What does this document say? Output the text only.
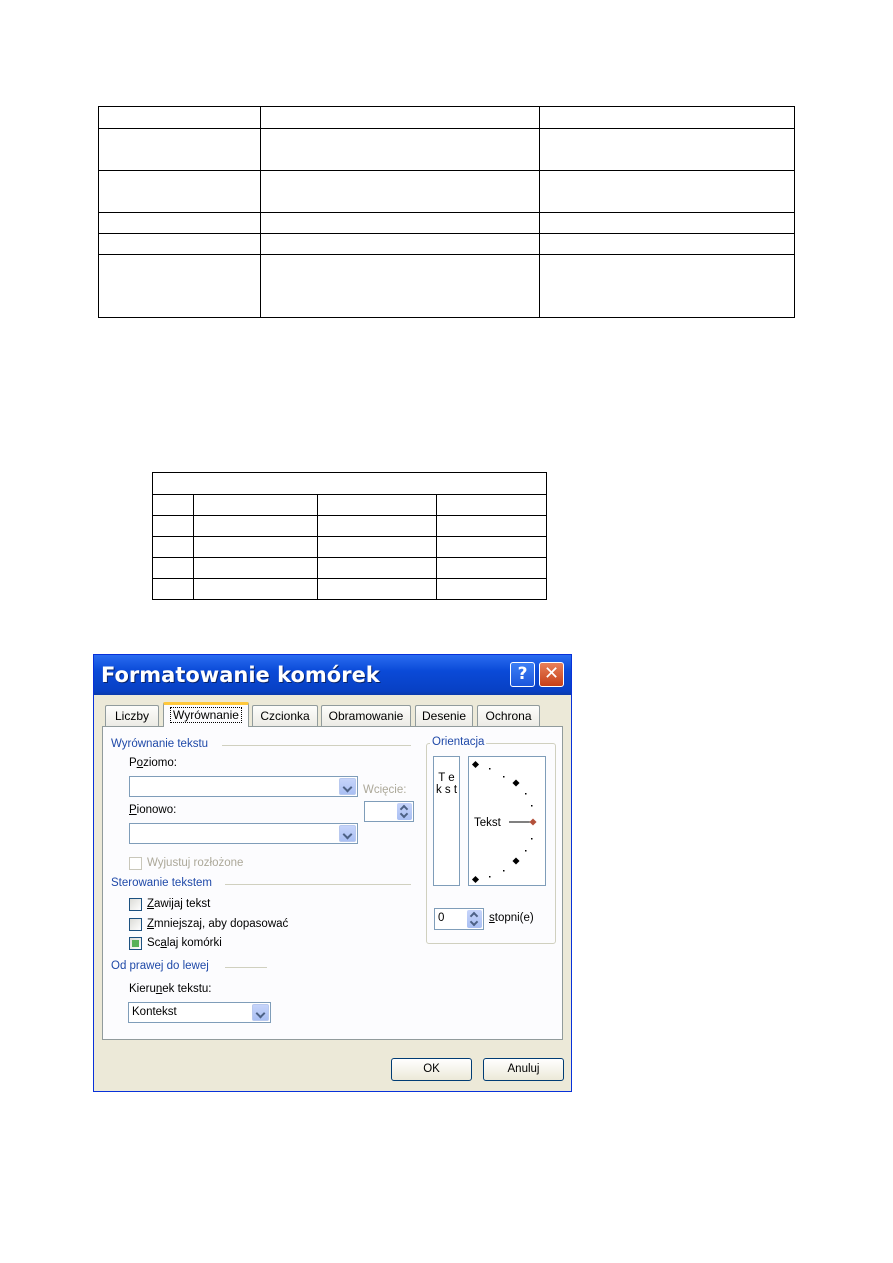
Formatowanie komórek	? ✕
Liczby	Wyrównanie	Czcionka	Obramowanie	Desenie	Ochrona
Wyrównanie tekstu
Poziomo:
Wcięcie:
Pionowo:
Wyjustuj rozłożone
Sterowanie tekstem
Zawijaj tekst
Zmniejszaj, aby dopasować
Scalaj komórki
Od prawej do lewej
Kierunek tekstu:
Kontekst
Orientacja
T e k s t
Tekst
0	stopni(e)
OK	Anuluj
